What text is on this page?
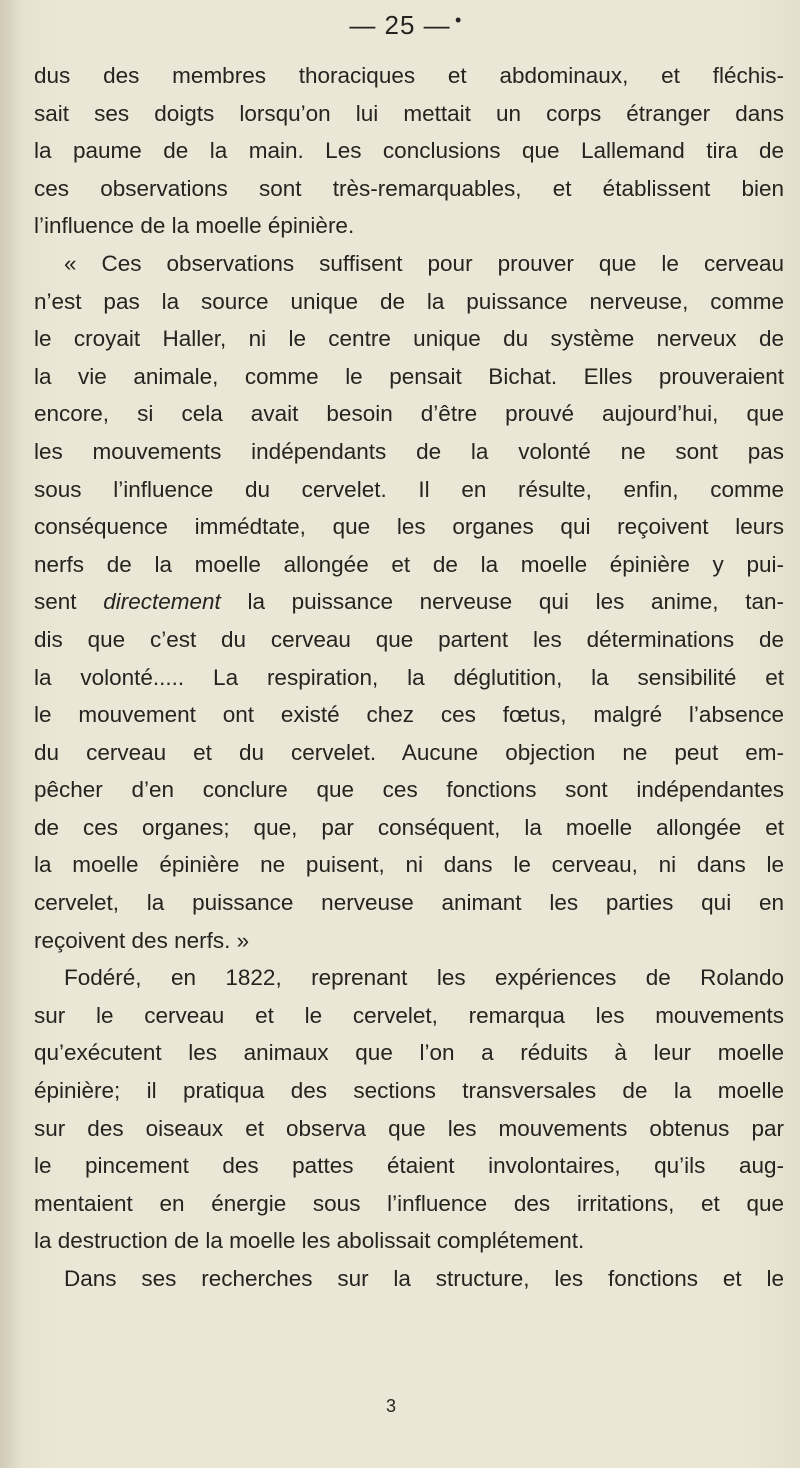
— 25 — •
dus des membres thoraciques et abdominaux, et fléchis-
sait ses doigts lorsqu’on lui mettait un corps étranger dans
la paume de la main. Les conclusions que Lallemand tira de
ces observations sont très-remarquables, et établissent bien
l’influence de la moelle épinière.
« Ces observations suffisent pour prouver que le cerveau
n’est pas la source unique de la puissance nerveuse, comme
le croyait Haller, ni le centre unique du système nerveux de
la vie animale, comme le pensait Bichat. Elles prouveraient
encore, si cela avait besoin d’être prouvé aujourd’hui, que
les mouvements indépendants de la volonté ne sont pas
sous l’influence du cervelet. Il en résulte, enfin, comme
conséquence immédtate, que les organes qui reçoivent leurs
nerfs de la moelle allongée et de la moelle épinière y pui-
sent directement la puissance nerveuse qui les anime, tan-
dis que c’est du cerveau que partent les déterminations de
la volonté..... La respiration, la déglutition, la sensibilité et
le mouvement ont existé chez ces fœtus, malgré l’absence
du cerveau et du cervelet. Aucune objection ne peut em-
pêcher d’en conclure que ces fonctions sont indépendantes
de ces organes; que, par conséquent, la moelle allongée et
la moelle épinière ne puisent, ni dans le cerveau, ni dans le
cervelet, la puissance nerveuse animant les parties qui en
reçoivent des nerfs. »
Fodéré, en 1822, reprenant les expériences de Rolando
sur le cerveau et le cervelet, remarqua les mouvements
qu’exécutent les animaux que l’on a réduits à leur moelle
épinière; il pratiqua des sections transversales de la moelle
sur des oiseaux et observa que les mouvements obtenus par
le pincement des pattes étaient involontaires, qu’ils aug-
mentaient en énergie sous l’influence des irritations, et que
la destruction de la moelle les abolissait complétement.
Dans ses recherches sur la structure, les fonctions et le
3
